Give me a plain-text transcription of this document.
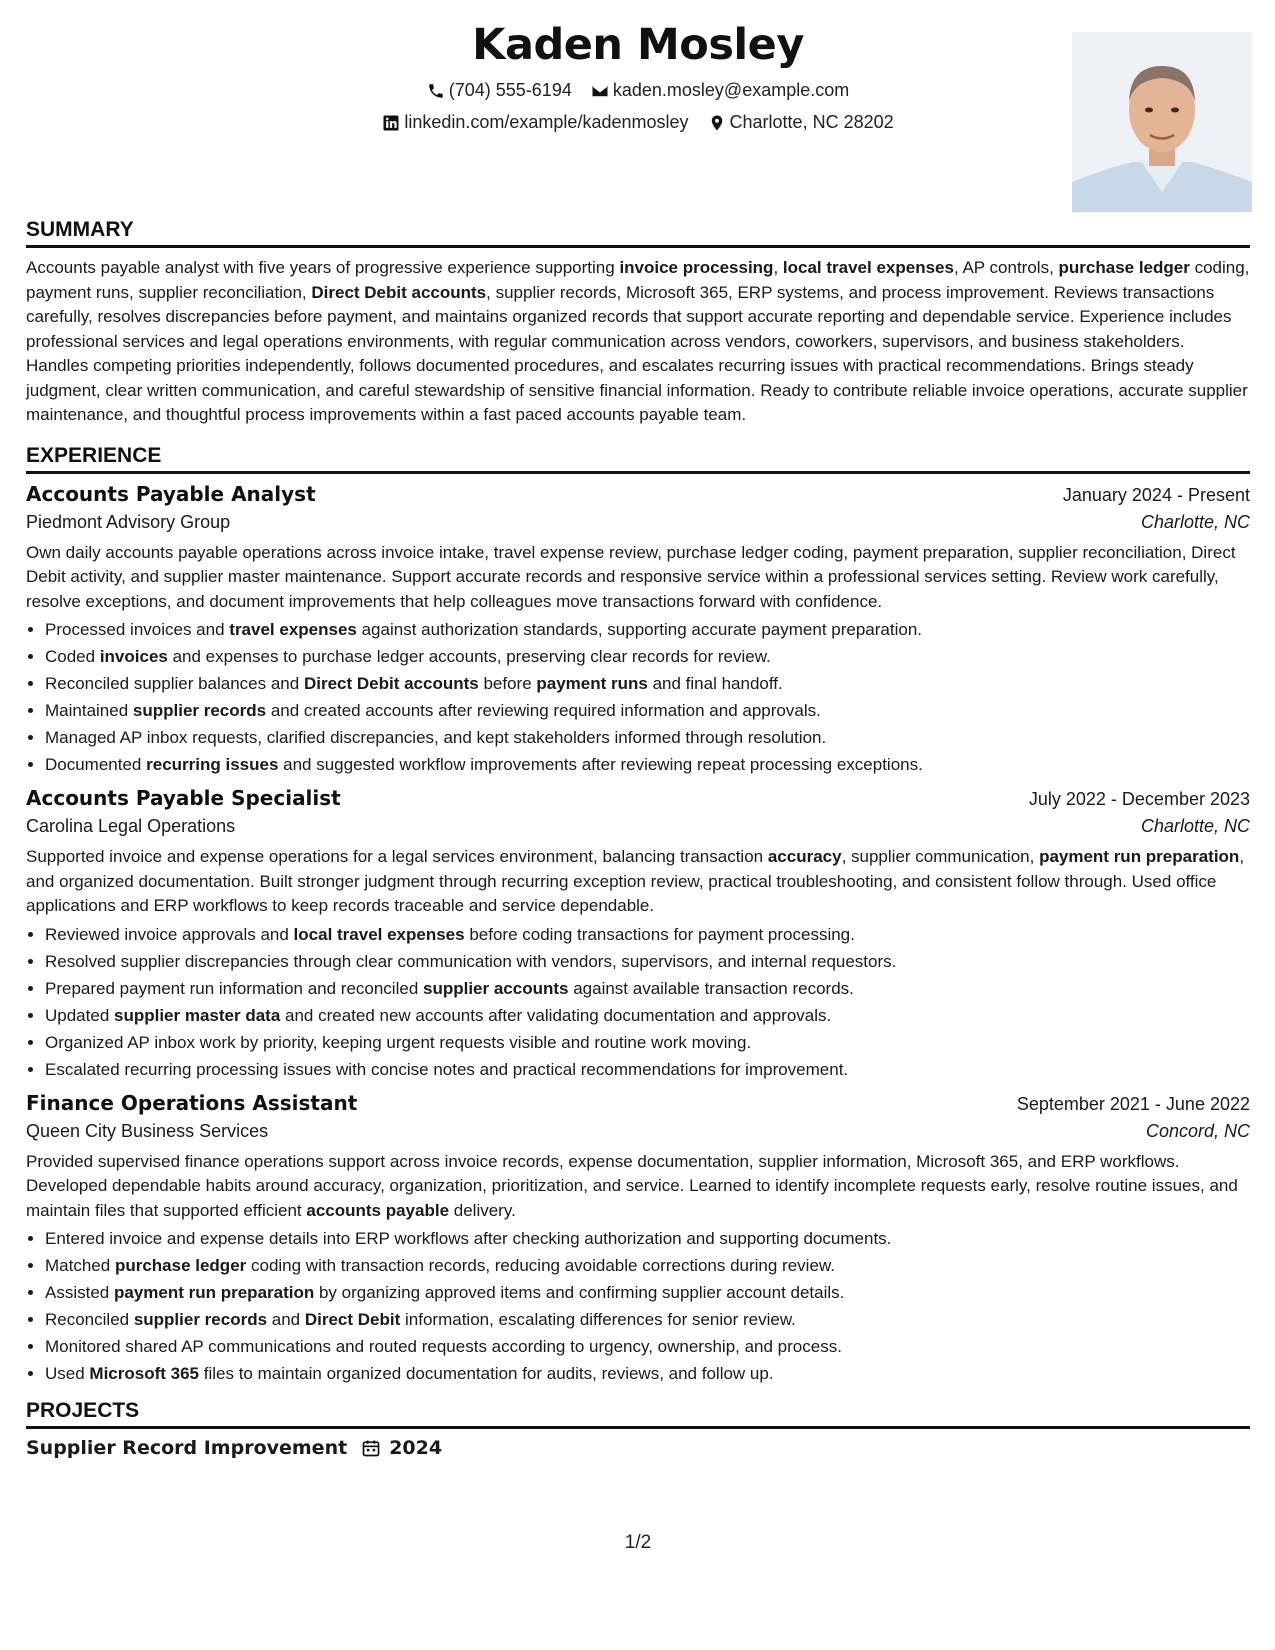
Kaden Mosley
(704) 555-6194
kaden.mosley@example.com
linkedin.com/example/kadenmosley
Charlotte, NC 28202
SUMMARY
Accounts payable analyst with five years of progressive experience supporting invoice processing, local travel expenses, AP controls, purchase ledger coding, payment runs, supplier reconciliation, Direct Debit accounts, supplier records, Microsoft 365, ERP systems, and process improvement. Reviews transactions carefully, resolves discrepancies before payment, and maintains organized records that support accurate reporting and dependable service. Experience includes professional services and legal operations environments, with regular communication across vendors, coworkers, supervisors, and business stakeholders. Handles competing priorities independently, follows documented procedures, and escalates recurring issues with practical recommendations. Brings steady judgment, clear written communication, and careful stewardship of sensitive financial information. Ready to contribute reliable invoice operations, accurate supplier maintenance, and thoughtful process improvements within a fast paced accounts payable team.
EXPERIENCE
Accounts Payable Analyst	January 2024 - Present
Piedmont Advisory Group	Charlotte, NC
Own daily accounts payable operations across invoice intake, travel expense review, purchase ledger coding, payment preparation, supplier reconciliation, Direct Debit activity, and supplier master maintenance. Support accurate records and responsive service within a professional services setting. Review work carefully, resolve exceptions, and document improvements that help colleagues move transactions forward with confidence.
• Processed invoices and travel expenses against authorization standards, supporting accurate payment preparation.
• Coded invoices and expenses to purchase ledger accounts, preserving clear records for review.
• Reconciled supplier balances and Direct Debit accounts before payment runs and final handoff.
• Maintained supplier records and created accounts after reviewing required information and approvals.
• Managed AP inbox requests, clarified discrepancies, and kept stakeholders informed through resolution.
• Documented recurring issues and suggested workflow improvements after reviewing repeat processing exceptions.
Accounts Payable Specialist	July 2022 - December 2023
Carolina Legal Operations	Charlotte, NC
Supported invoice and expense operations for a legal services environment, balancing transaction accuracy, supplier communication, payment run preparation, and organized documentation. Built stronger judgment through recurring exception review, practical troubleshooting, and consistent follow through. Used office applications and ERP workflows to keep records traceable and service dependable.
• Reviewed invoice approvals and local travel expenses before coding transactions for payment processing.
• Resolved supplier discrepancies through clear communication with vendors, supervisors, and internal requestors.
• Prepared payment run information and reconciled supplier accounts against available transaction records.
• Updated supplier master data and created new accounts after validating documentation and approvals.
• Organized AP inbox work by priority, keeping urgent requests visible and routine work moving.
• Escalated recurring processing issues with concise notes and practical recommendations for improvement.
Finance Operations Assistant	September 2021 - June 2022
Queen City Business Services	Concord, NC
Provided supervised finance operations support across invoice records, expense documentation, supplier information, Microsoft 365, and ERP workflows. Developed dependable habits around accuracy, organization, prioritization, and service. Learned to identify incomplete requests early, resolve routine issues, and maintain files that supported efficient accounts payable delivery.
• Entered invoice and expense details into ERP workflows after checking authorization and supporting documents.
• Matched purchase ledger coding with transaction records, reducing avoidable corrections during review.
• Assisted payment run preparation by organizing approved items and confirming supplier account details.
• Reconciled supplier records and Direct Debit information, escalating differences for senior review.
• Monitored shared AP communications and routed requests according to urgency, ownership, and process.
• Used Microsoft 365 files to maintain organized documentation for audits, reviews, and follow up.
PROJECTS
Supplier Record Improvement 2024
1/2
